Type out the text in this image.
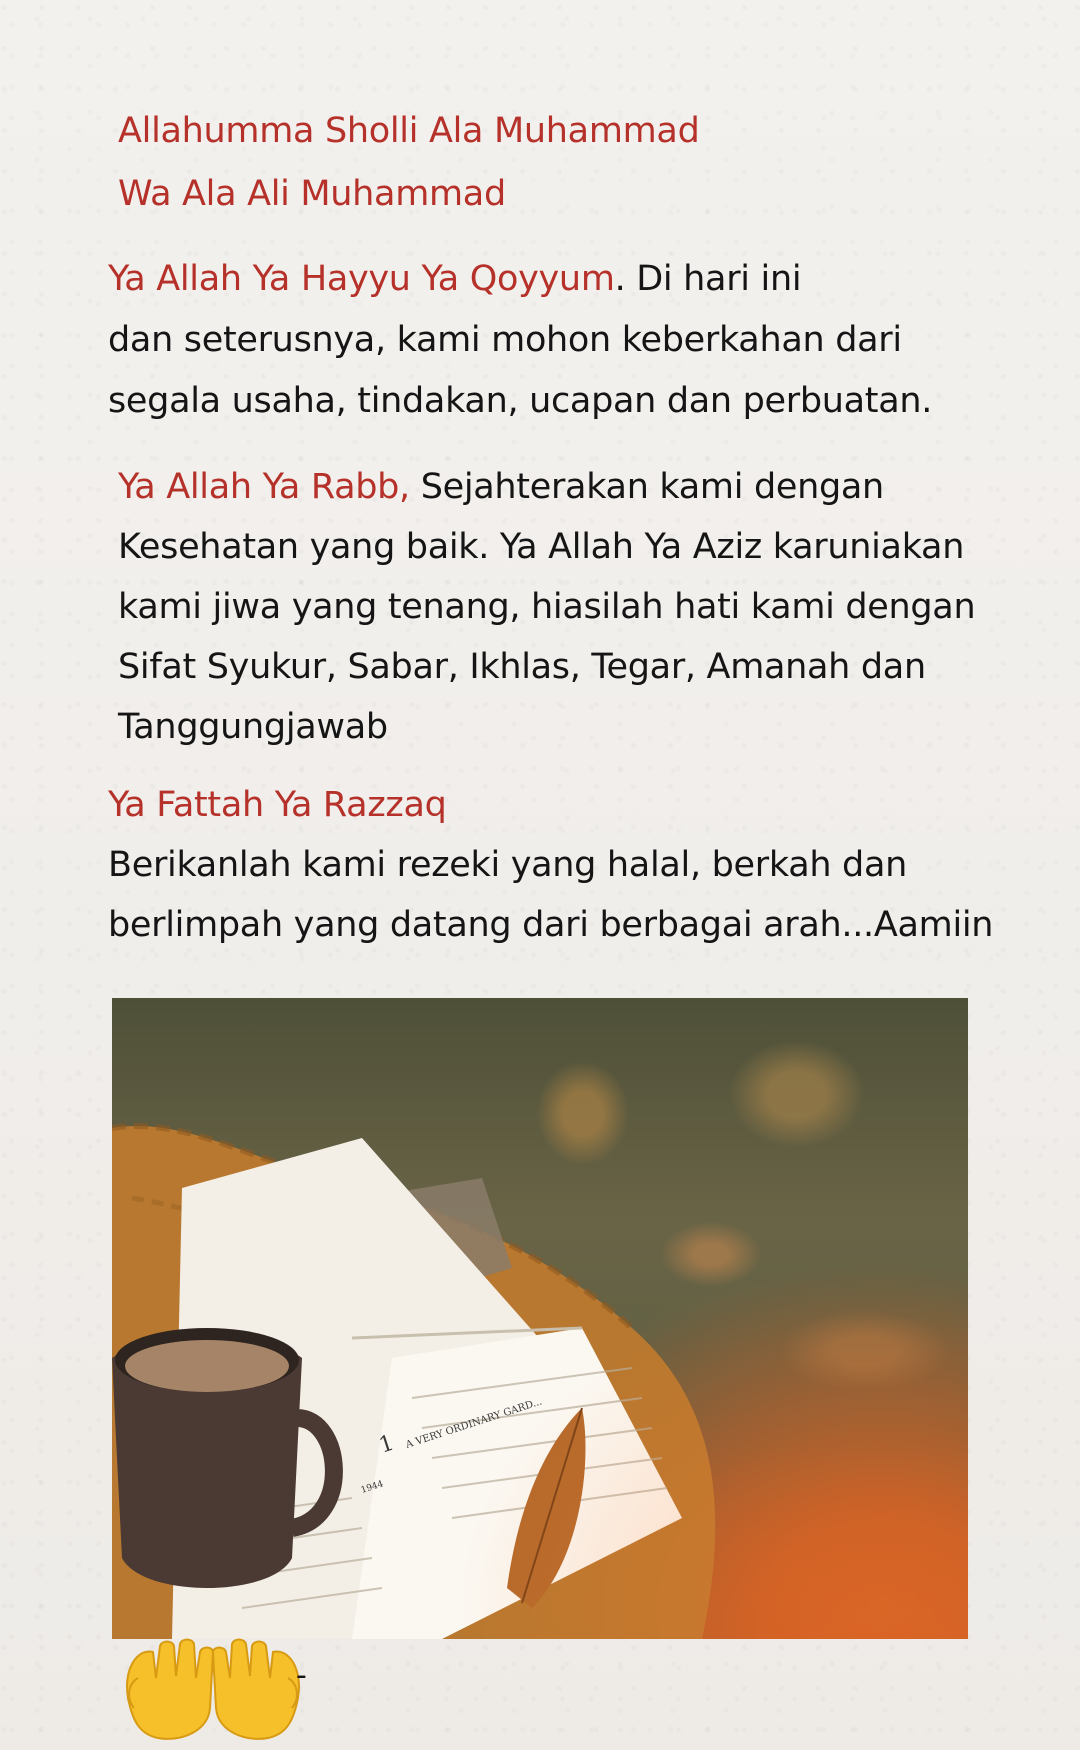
Allahumma Sholli Ala Muhammad
Wa Ala Ali Muhammad
Ya Allah Ya Hayyu Ya Qoyyum. Di hari ini
dan seterusnya, kami mohon keberkahan dari
segala usaha, tindakan, ucapan dan perbuatan.
Ya Allah Ya Rabb, Sejahterakan kami dengan
Kesehatan yang baik. Ya Allah Ya Aziz karuniakan
kami jiwa yang tenang, hiasilah hati kami dengan
Sifat Syukur, Sabar, Ikhlas, Tegar, Amanah dan
Tanggungjawab
Ya Fattah Ya Razzaq
Berikanlah kami rezeki yang halal, berkah dan
berlimpah yang datang dari berbagai arah...Aamiin
-
